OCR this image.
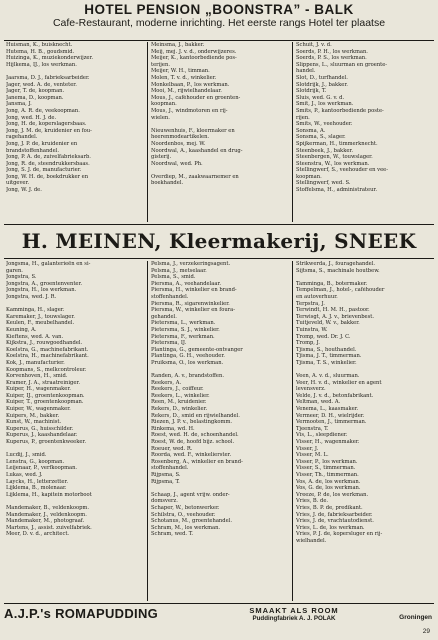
HOTEL PENSION „BOONSTRA” - BALK
Cafe-Restaurant, moderne inrichting. Het eerste rangs Hotel ter plaatse
Huisman, K., buisknecht.
Hutema, H. B., goudsmid.
Huizinga, K., muziekonderwijzer.
Hijlkema, IJ., los werkman.

Jaarsma, D. J., fabrieksarbeider.
Jager, wed. A. de, venteter.
Jager, T. de, koopman.
Janema, D., koopman.
Jansma, J.
Jong, A. R. de, veekoopman.
Jong, wed. H. J. de.
Jong, H. de, koperslagersbaas.
Jong, J. M. de, kruidenier en fou-
ragehandel.
Jong, J. P. de, kruidenier en
brandstoffenhandel.
Jong, P. A. de, zuivelfabrieksarb.
Jong, R. de, steendrukkersbaas.
Jong, S. J. de, manufacturier.
Jong, W. H. de, boekdrukker en
uitgever.
Jong, W. J. de.
Meinsma, J., bakker.
Meij, mej. J. v. d., onderwijzeres.
Meijer, K., kantoorbediende pos-
terijen.
Meijer, W. H., timman.
Molen, T. v. d., winkelier.
Monkelbaan, P., los werkman.
Mooi, M., rijwielhandelaar.
Mous, J., caféhouder en groenten-
koopman.
Mous, J., windmotoren en rij-
wielen.

Nieuwenhuis, F., kleermaker en
heerenmodeartikelen.
Noordenbos, mej. W.
Noordwal, A., kaashandel en drug-
gisterij.
Noordwal, wed. Ph.

Overdiep, M., zaakwaarnemer en
boekhandel.
Schuit, J. v. d.
Soerds, P. H., los werkman.
Soerds, P. S., los werkman.
Slippens, L., sluurman en groente-
handel.
Slot, D., turfhandel.
Slotdrijk, J., bakker.
Slotdrijk, T.
Sluis, wed. G. v. d.
Smit, J., los werkman.
Smits, P., kantoorbediende poste-
rijen.
Smits, W., veehouder.
Sonsma, A.
Sonsma, S., slager.
Spijkerman, H., timmerknecht.
Steenbeek, J., bakker.
Steenbergen, W., touwslager.
Steenstra, W., los werkman.
Stellingwerf, S., veehouder en vee-
koopman.
Stellingwerf, wed. S.
Stoffelsma, H., administrateur.
H. MEINEN, Kleermakerij, SNEEK
Jongsma, H., galanterieën en si-
garen.
Jongstra, S.
Jongstra, A., groentenventer.
Jongstra, H., los werkman.
Jongstra, wed. J. R.

Kamminga, H., slager.
Karemaker, J., touwslager.
Keulen, F., meubelhandel.
Keuning, A.
Kieftens, wed. A. van.
Kijkstra, J., rouwgoedhandel.
Koelstra, G., machinefabrikant.
Koelstra, H., machinefabrikant.
Kok, J., manufacturier.
Koopmans, S., melkcontroleur.
Korvenhoven, H., smid.
Kramer, J. A., straatreiniger.
Kuiper, H., wagenmaker.
Kuiper, IJ., groentenkoopman.
Kuiper, T., groentenkoopman.
Kuiper, W., wagenmaker.
Kuipers, M., bakker.
Kunst, W., machinist.
Kuperus, G., huisschilder.
Kuperus, J., kaashandelaar.
Kuperus, P., groentenkweeker.

Lucdij, J., smid.
Lenstra, G., koopman.
Leijenaar, P., verfkoopman.
Lukas, wed. J.
Laycks, H., letterzetter.
Lijklema, B., molenaar.
Lijklema, H., kapitein motorboot

Mandemaker, B., veldenkoopm.
Mandemaker, J., veldenkoopm.
Mandemaker, M., photograaf.
Martens, J., assist. zuivelfabriek.
Meer, D. v. d., architect.
Pelsma, J., verzekeringsagent.
Pelsma, J., metselaar.
Pelsma, S., smid.
Piersma, A., veehandelaar.
Piersma, H., winkelier en brand-
stoffenhandel.
Piersma, R., sigarenwinkelier.
Piersma, W., winkelier en foura-
gehandel.
Pietersma, L., werkman.
Pietersma, S. J., winkelier.
Pietersma, F., werkman.
Pietersma, IJ.
Plantinga, G., gemeente-ontvanger
Plantinga, G. H., veehouder.
Pruiksma, O., los werkman.

Randen, A. v., brandstoffen.
Reekers, A.
Reekers, J., coiffeur.
Reekers, L., winkelier.
Reen, M., kruidenier.
Rekers, D., winkelier.
Rekers, D., smid en rijwielhandel.
Riezen, J. P. v., belastingkomm.
Rinkema, wd. H.
Roest, wed. H. de, schoenhandel.
Roest, W. de, hoofd bijz. school.
Roeuer, wed. R.
Roorda, wed. F., winkelierster.
Rosenberg, A., winkelier en brand-
stoffenhandel.
Rijpsma, S.
Rijpsma, T.

Schaap, J., agent vrijw. onder-
domsverz.
Schaper, W., betonwerker.
Schilstra, O., veehouder.
Schotanus, M., groentehandel.
Schram, M., los werkman.
Schram, wed. T.
Strikwerda, J., fouragehandel.
Sijtsma, S., machinale houtbew.

Tamminga, B., botermaker.
Tempelman, J., hotel-, caféhouder
en autoverhuur.
Terpstra, J.
Terwindt, H. M. H., pastoor.
Terwisgt, A. J. v., brievenbest.
Tuitjeveld, W. v., bakker.
Tuinstra, W.
Tromp, wed. Dr. J. C.
Tromp, J.
Tjisma, S., houthandel.
Tjisma, J. T., timmerman.
Tjisma, T. S., winkelier.

Veen, A. v. d., sluurman.
Veer, H. v. d., winkelier en agent
levensverz.
Velde, J. v. d., betonfabrikant.
Veltman, wed. A.
Venema, L., kaasmaker.
Vermeer, D. H., wielrijder.
Vermooten, J., timmerman.
Tjeenstra, T.
Vis, L., sleepdiener.
Visser, H., wagenmaker.
Visser, J.
Visser, M. L.
Visser, P., los werkman.
Visser, S., timmerman.
Visser, Th., timmerman.
Vos, A. de, los werkman.
Vos, G. de, los werkman.
Vreeze, P. de, los werkman.
Vries, B. de.
Vries, B. P. de, predikant.
Vries, J. de, fabrieksarbeider.
Vries, J. de, vrachtautodienst.
Vries, L. de, los werkman.
Vries, P. J. de, kopersluger en rij-
wielhandel.
A.J.P.'s ROMAPUDDING	SMAAKT ALS ROOM
Puddingfabriek A. J. POLAK	Groningen
29
